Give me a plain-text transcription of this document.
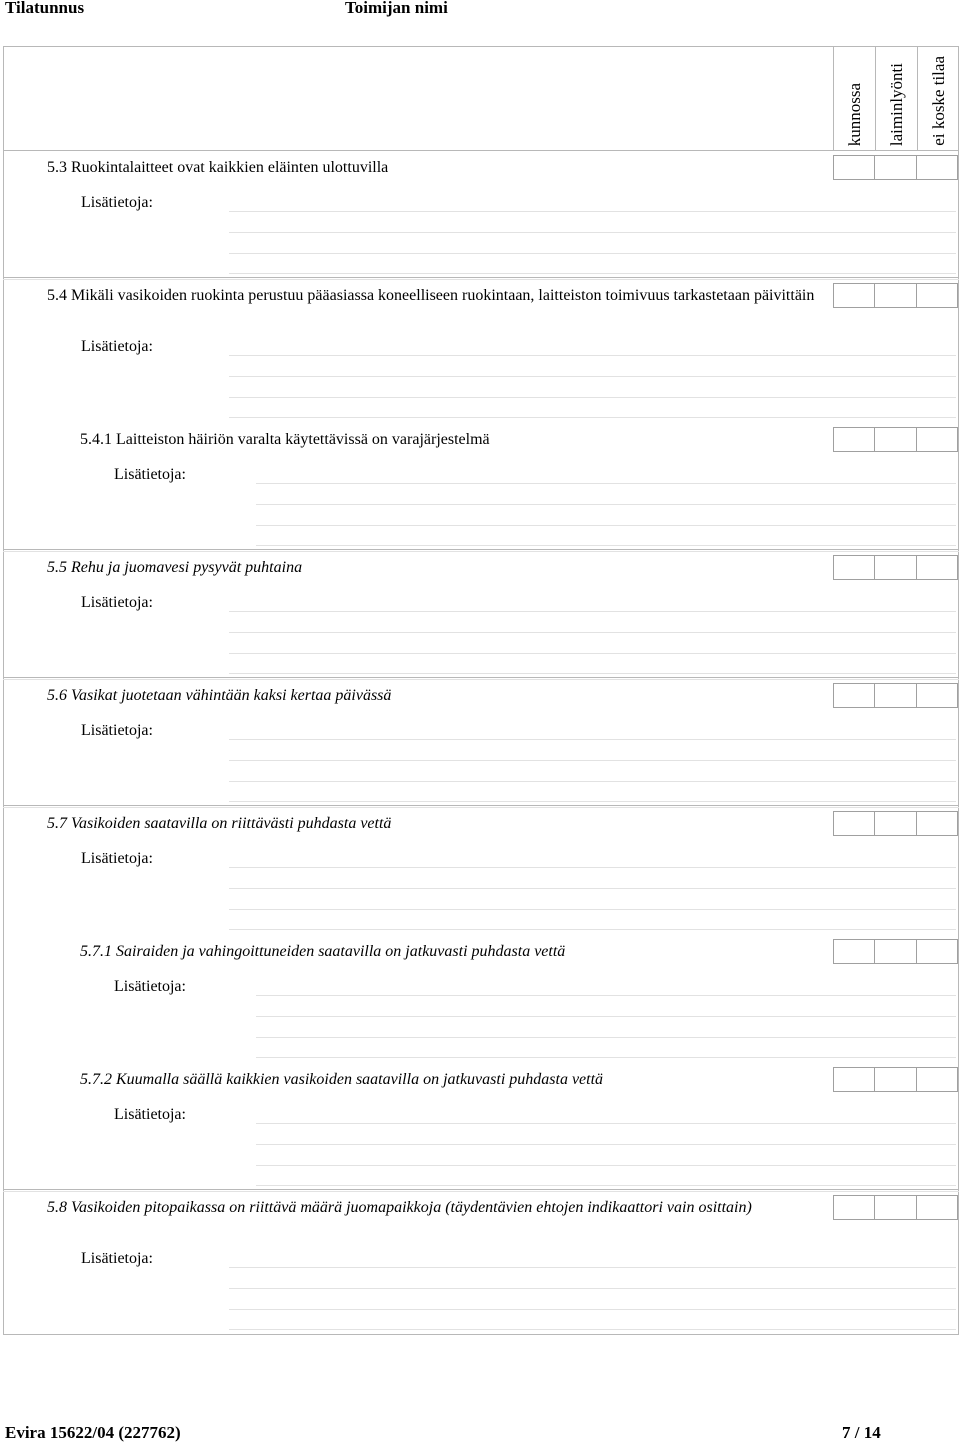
Tilatunnus	Toimijan nimi
kunnossa laiminlyönti ei koske tilaa
5.3 Ruokintalaitteet ovat kaikkien eläinten ulottuvilla
Lisätietoja:
5.4 Mikäli vasikoiden ruokinta perustuu pääasiassa koneelliseen ruokintaan, laitteiston toimivuus tarkastetaan päivittäin
Lisätietoja:
5.4.1 Laitteiston häiriön varalta käytettävissä on varajärjestelmä
Lisätietoja:
5.5 Rehu ja juomavesi pysyvät puhtaina
Lisätietoja:
5.6 Vasikat juotetaan vähintään kaksi kertaa päivässä
Lisätietoja:
5.7 Vasikoiden saatavilla on riittävästi puhdasta vettä
Lisätietoja:
5.7.1 Sairaiden ja vahingoittuneiden saatavilla on jatkuvasti puhdasta vettä
Lisätietoja:
5.7.2 Kuumalla säällä kaikkien vasikoiden saatavilla on jatkuvasti puhdasta vettä
Lisätietoja:
5.8 Vasikoiden pitopaikassa on riittävä määrä juomapaikkoja (täydentävien ehtojen indikaattori vain osittain)
Lisätietoja:
Evira 15622/04 (227762)	7 / 14
